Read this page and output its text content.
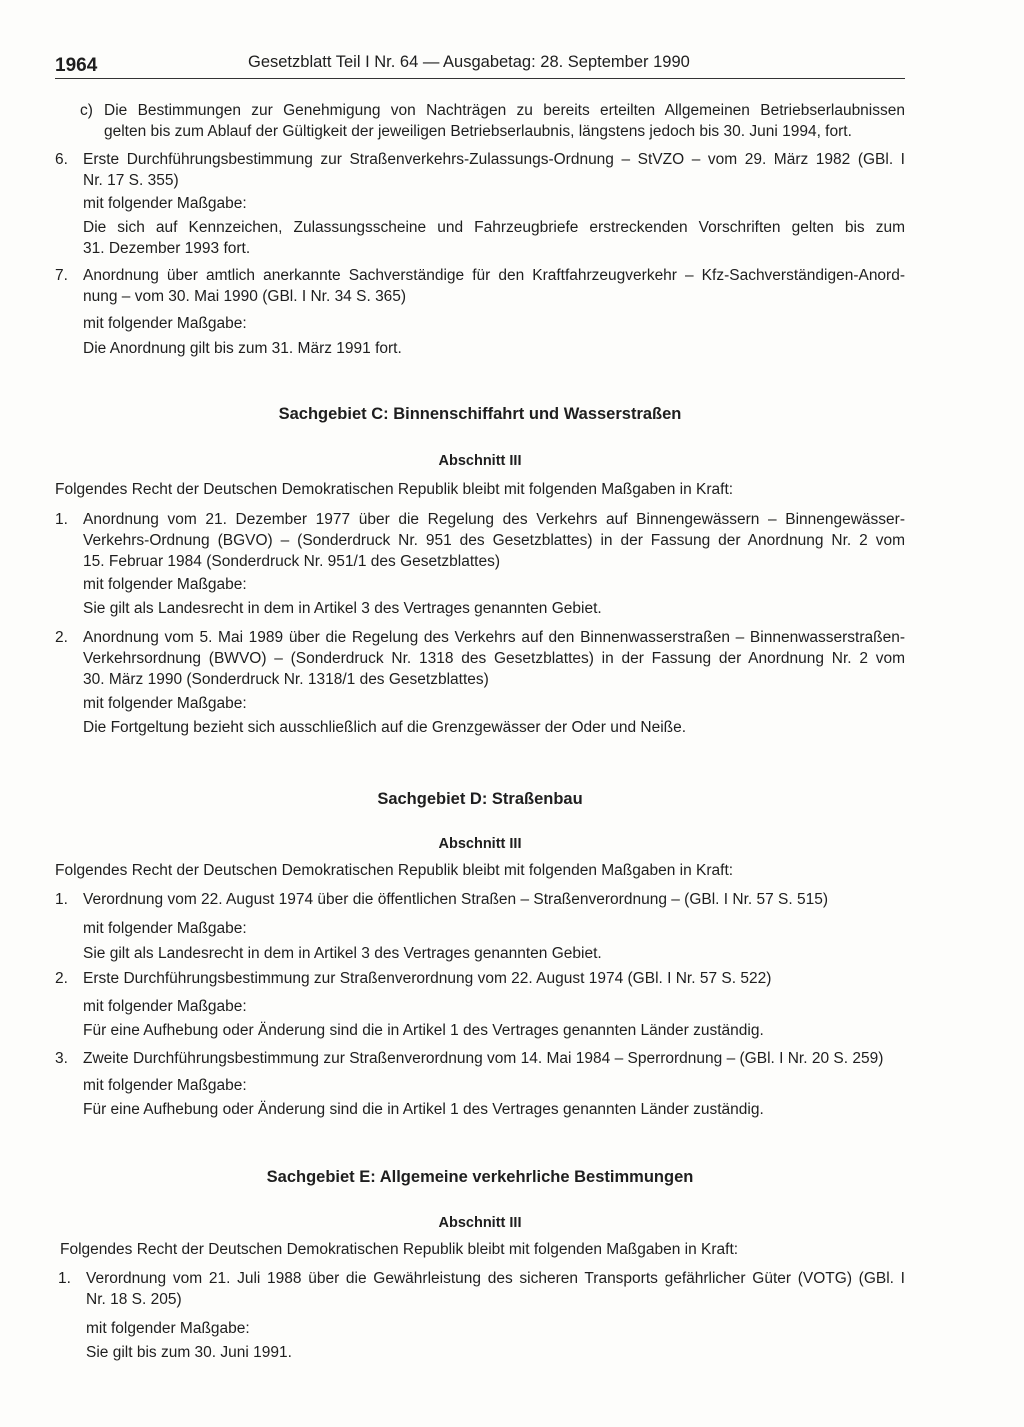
1964	Gesetzblatt Teil I Nr. 64 — Ausgabetag: 28. September 1990
c) Die Bestimmungen zur Genehmigung von Nachträgen zu bereits erteilten Allgemeinen Betriebserlaubnissen
gelten bis zum Ablauf der Gültigkeit der jeweiligen Betriebserlaubnis, längstens jedoch bis 30. Juni 1994, fort.
6. Erste Durchführungsbestimmung zur Straßenverkehrs-Zulassungs-Ordnung – StVZO – vom 29. März 1982 (GBl. I
Nr. 17 S. 355)
mit folgender Maßgabe:
Die sich auf Kennzeichen, Zulassungsscheine und Fahrzeugbriefe erstreckenden Vorschriften gelten bis zum
31. Dezember 1993 fort.
7. Anordnung über amtlich anerkannte Sachverständige für den Kraftfahrzeugverkehr – Kfz-Sachverständigen-Anord-
nung – vom 30. Mai 1990 (GBl. I Nr. 34 S. 365)
mit folgender Maßgabe:
Die Anordnung gilt bis zum 31. März 1991 fort.
Sachgebiet C: Binnenschiffahrt und Wasserstraßen
Abschnitt III
Folgendes Recht der Deutschen Demokratischen Republik bleibt mit folgenden Maßgaben in Kraft:
1. Anordnung vom 21. Dezember 1977 über die Regelung des Verkehrs auf Binnengewässern – Binnengewässer-
Verkehrs-Ordnung (BGVO) – (Sonderdruck Nr. 951 des Gesetzblattes) in der Fassung der Anordnung Nr. 2 vom
15. Februar 1984 (Sonderdruck Nr. 951/1 des Gesetzblattes)
mit folgender Maßgabe:
Sie gilt als Landesrecht in dem in Artikel 3 des Vertrages genannten Gebiet.
2. Anordnung vom 5. Mai 1989 über die Regelung des Verkehrs auf den Binnenwasserstraßen – Binnenwasserstraßen-
Verkehrsordnung (BWVO) – (Sonderdruck Nr. 1318 des Gesetzblattes) in der Fassung der Anordnung Nr. 2 vom
30. März 1990 (Sonderdruck Nr. 1318/1 des Gesetzblattes)
mit folgender Maßgabe:
Die Fortgeltung bezieht sich ausschließlich auf die Grenzgewässer der Oder und Neiße.
Sachgebiet D: Straßenbau
Abschnitt III
Folgendes Recht der Deutschen Demokratischen Republik bleibt mit folgenden Maßgaben in Kraft:
1. Verordnung vom 22. August 1974 über die öffentlichen Straßen – Straßenverordnung – (GBl. I Nr. 57 S. 515)
mit folgender Maßgabe:
Sie gilt als Landesrecht in dem in Artikel 3 des Vertrages genannten Gebiet.
2. Erste Durchführungsbestimmung zur Straßenverordnung vom 22. August 1974 (GBl. I Nr. 57 S. 522)
mit folgender Maßgabe:
Für eine Aufhebung oder Änderung sind die in Artikel 1 des Vertrages genannten Länder zuständig.
3. Zweite Durchführungsbestimmung zur Straßenverordnung vom 14. Mai 1984 – Sperrordnung – (GBl. I Nr. 20 S. 259)
mit folgender Maßgabe:
Für eine Aufhebung oder Änderung sind die in Artikel 1 des Vertrages genannten Länder zuständig.
Sachgebiet E: Allgemeine verkehrliche Bestimmungen
Abschnitt III
Folgendes Recht der Deutschen Demokratischen Republik bleibt mit folgenden Maßgaben in Kraft:
1. Verordnung vom 21. Juli 1988 über die Gewährleistung des sicheren Transports gefährlicher Güter (VOTG) (GBl. I
Nr. 18 S. 205)
mit folgender Maßgabe:
Sie gilt bis zum 30. Juni 1991.
